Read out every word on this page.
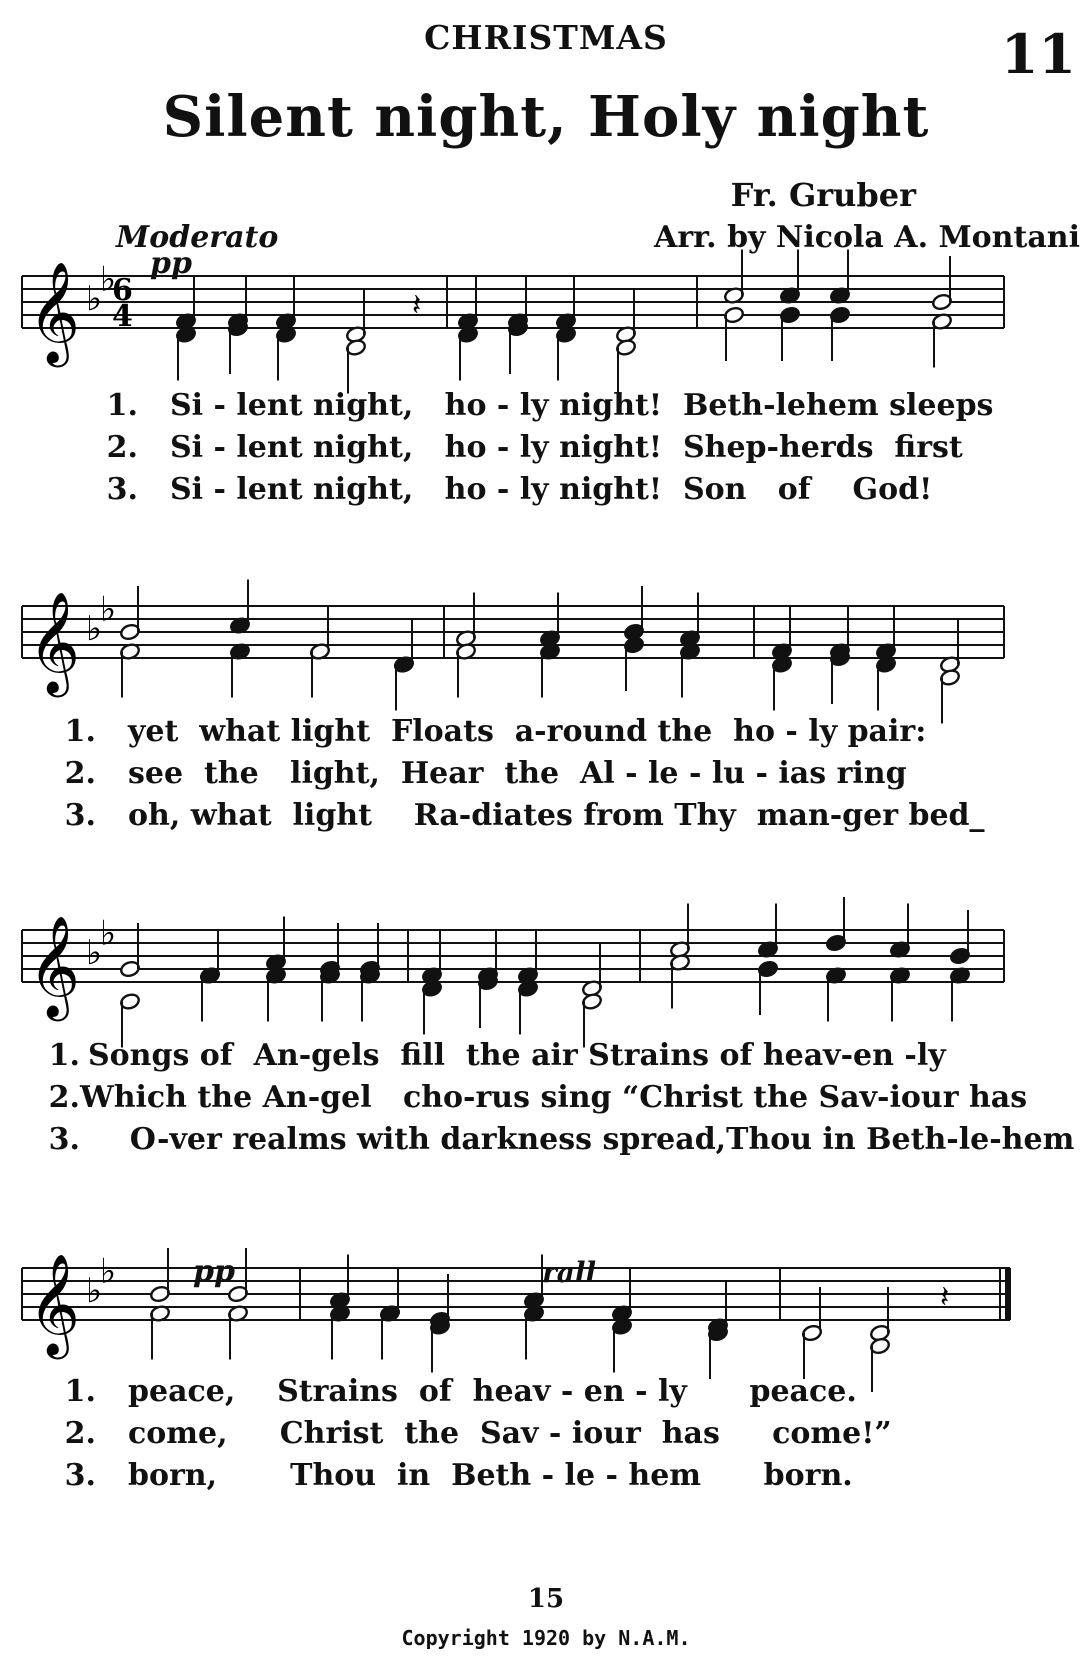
CHRISTMAS	11
Silent night, Holy night
Fr. Gruber
Arr. by Nicola A. Montani
Moderato
pp
pp	rall
𝄞 ♭
♭
6
4	𝄽
1. Si - lent night,   ho - ly night!  Beth-lehem sleeps
2. Si - lent night,   ho - ly night!  Shep-herds  first
3. Si - lent night,   ho - ly night!  Son   of    God!
𝄞 ♭
♭
1. yet  what light  Floats  a-round the  ho - ly pair:
2. see  the   light,  Hear  the  Al - le - lu - ias ring
3. oh, what  light    Ra-diates from Thy  man-ger bed_
𝄞 ♭
♭
1. Songs of  An-gels  fill  the air Strains of heav-en -ly
2. Which the An-gel   cho-rus sing “Christ the Sav-iour has
3. O-ver realms with darkness spread,Thou in Beth-le-hem
𝄞 ♭
♭
𝄽
1. peace,    Strains  of  heav - en - ly      peace.
2. come,     Christ  the  Sav - iour  has     come!”
3. born,       Thou  in  Beth - le - hem      born.
15
Copyright 1920 by N.A.M.
